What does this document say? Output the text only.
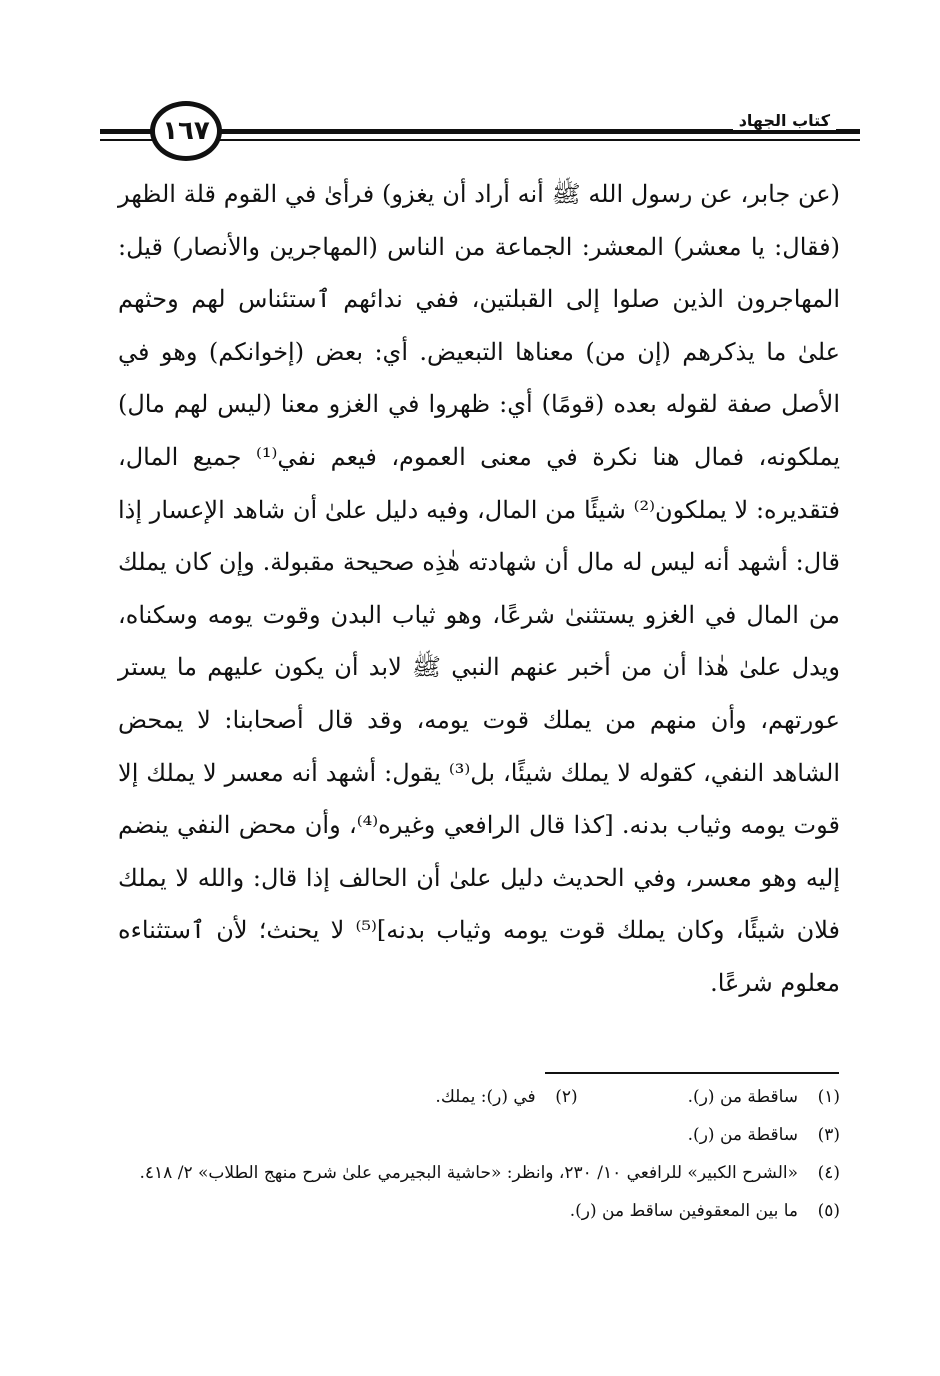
١٦٧	كتاب الجهاد

(عن جابر، عن رسول الله ﷺ أنه أراد أن يغزو) فرأىٰ في القوم قلة الظهر (فقال: يا معشر) المعشر: الجماعة من الناس (المهاجرين والأنصار) قيل: المهاجرون الذين صلوا إلى القبلتين، ففي ندائهم ٱستئناس لهم وحثهم علىٰ ما يذكرهم (إن من) معناها التبعيض. أي: بعض (إخوانكم) وهو في الأصل صفة لقوله بعده (قومًا) أي: ظهروا في الغزو معنا (ليس لهم مال) يملكونه، فمال هنا نكرة في معنى العموم، فيعم نفي⁽¹⁾ جميع المال، فتقديره: لا يملكون⁽²⁾ شيئًا من المال، وفيه دليل علىٰ أن شاهد الإعسار إذا قال: أشهد أنه ليس له مال أن شهادته هٰذِه صحيحة مقبولة. وإن كان يملك من المال في الغزو يستثنىٰ شرعًا، وهو ثياب البدن وقوت يومه وسكناه، ويدل علىٰ هٰذا أن من أخبر عنهم النبي ﷺ لابد أن يكون عليهم ما يستر عورتهم، وأن منهم من يملك قوت يومه، وقد قال أصحابنا: لا يمحض الشاهد النفي، كقوله لا يملك شيئًا، بل⁽³⁾ يقول: أشهد أنه معسر لا يملك إلا قوت يومه وثياب بدنه. [كذا قال الرافعي وغيره⁽⁴⁾، وأن محض النفي ينضم إليه وهو معسر، وفي الحديث دليل علىٰ أن الحالف إذا قال: والله لا يملك فلان شيئًا، وكان يملك قوت يومه وثياب بدنه]⁽⁵⁾ لا يحنث؛ لأن ٱستثناءه معلوم شرعًا.

(١)
ساقطة من (ر).
(٢)
في (ر): يملك.
(٣)
ساقطة من (ر).
(٤)
«الشرح الكبير» للرافعي ١٠/ ٢٣٠، وانظر: «حاشية البجيرمي علىٰ شرح منهج الطلاب» ٢/ ٤١٨.
(٥)
ما بين المعقوفين ساقط من (ر).
